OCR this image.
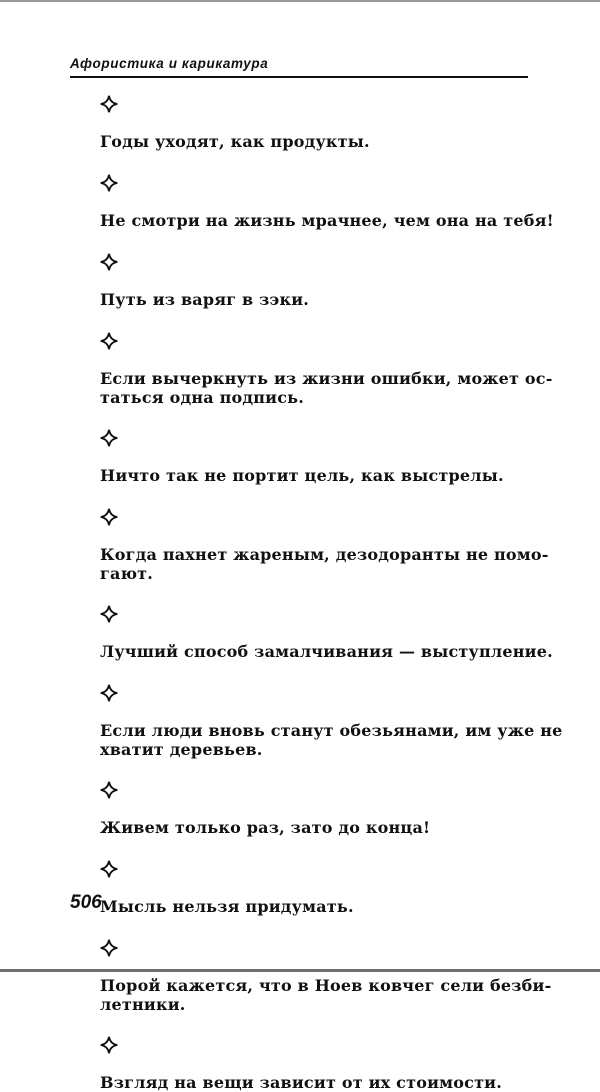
Афористика и карикатура
Годы уходят, как продукты.
Не смотри на жизнь мрачнее, чем она на тебя!
Путь из варяг в зэки.
Если вычеркнуть из жизни ошибки, может ос-
таться одна подпись.
Ничто так не портит цель, как выстрелы.
Когда пахнет жареным, дезодоранты не помо-
гают.
Лучший способ замалчивания — выступление.
Если люди вновь станут обезьянами, им уже не
хватит деревьев.
Живем только раз, зато до конца!
Мысль нельзя придумать.
Порой кажется, что в Ноев ковчег сели безби-
летники.
Взгляд на вещи зависит от их стоимости.
506
